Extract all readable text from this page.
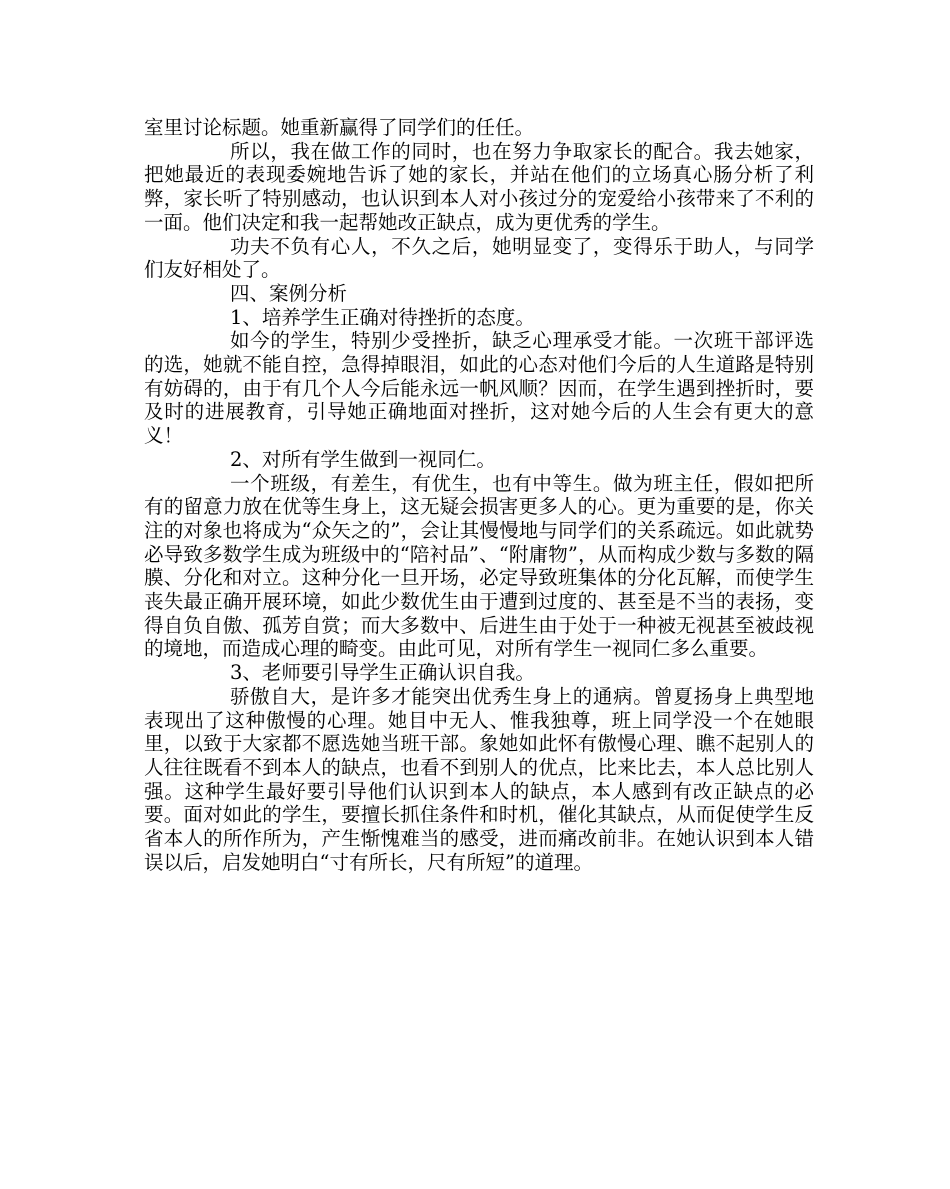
室里讨论标题。她重新赢得了同学们的任任。

所以，我在做工作的同时，也在努力争取家长的配合。我去她家，把她最近的表现委婉地告诉了她的家长，并站在他们的立场真心肠分析了利弊，家长听了特别感动，也认识到本人对小孩过分的宠爱给小孩带来了不利的一面。他们决定和我一起帮她改正缺点，成为更优秀的学生。

功夫不负有心人，不久之后，她明显变了，变得乐于助人，与同学们友好相处了。

四、案例分析

1、培养学生正确对待挫折的态度。

如今的学生，特别少受挫折，缺乏心理承受才能。一次班干部评选的选，她就不能自控，急得掉眼泪，如此的心态对他们今后的人生道路是特别有妨碍的，由于有几个人今后能永远一帆风顺？因而，在学生遇到挫折时，要及时的进展教育，引导她正确地面对挫折，这对她今后的人生会有更大的意义！

2、对所有学生做到一视同仁。

一个班级，有差生，有优生，也有中等生。做为班主任，假如把所有的留意力放在优等生身上，这无疑会损害更多人的心。更为重要的是，你关注的对象也将成为“众矢之的”，会让其慢慢地与同学们的关系疏远。如此就势必导致多数学生成为班级中的“陪衬品”、“附庸物”，从而构成少数与多数的隔膜、分化和对立。这种分化一旦开场，必定导致班集体的分化瓦解，而使学生丧失最正确开展环境，如此少数优生由于遭到过度的、甚至是不当的表扬，变得自负自傲、孤芳自赏；而大多数中、后进生由于处于一种被无视甚至被歧视的境地，而造成心理的畸变。由此可见，对所有学生一视同仁多么重要。

3、老师要引导学生正确认识自我。

骄傲自大，是许多才能突出优秀生身上的通病。曾夏扬身上典型地表现出了这种傲慢的心理。她目中无人、惟我独尊，班上同学没一个在她眼里，以致于大家都不愿选她当班干部。象她如此怀有傲慢心理、瞧不起别人的人往往既看不到本人的缺点，也看不到别人的优点，比来比去，本人总比别人强。这种学生最好要引导他们认识到本人的缺点，本人感到有改正缺点的必要。面对如此的学生，要擅长抓住条件和时机，催化其缺点，从而促使学生反省本人的所作所为，产生惭愧难当的感受，进而痛改前非。在她认识到本人错误以后，启发她明白“寸有所长，尺有所短”的道理。
